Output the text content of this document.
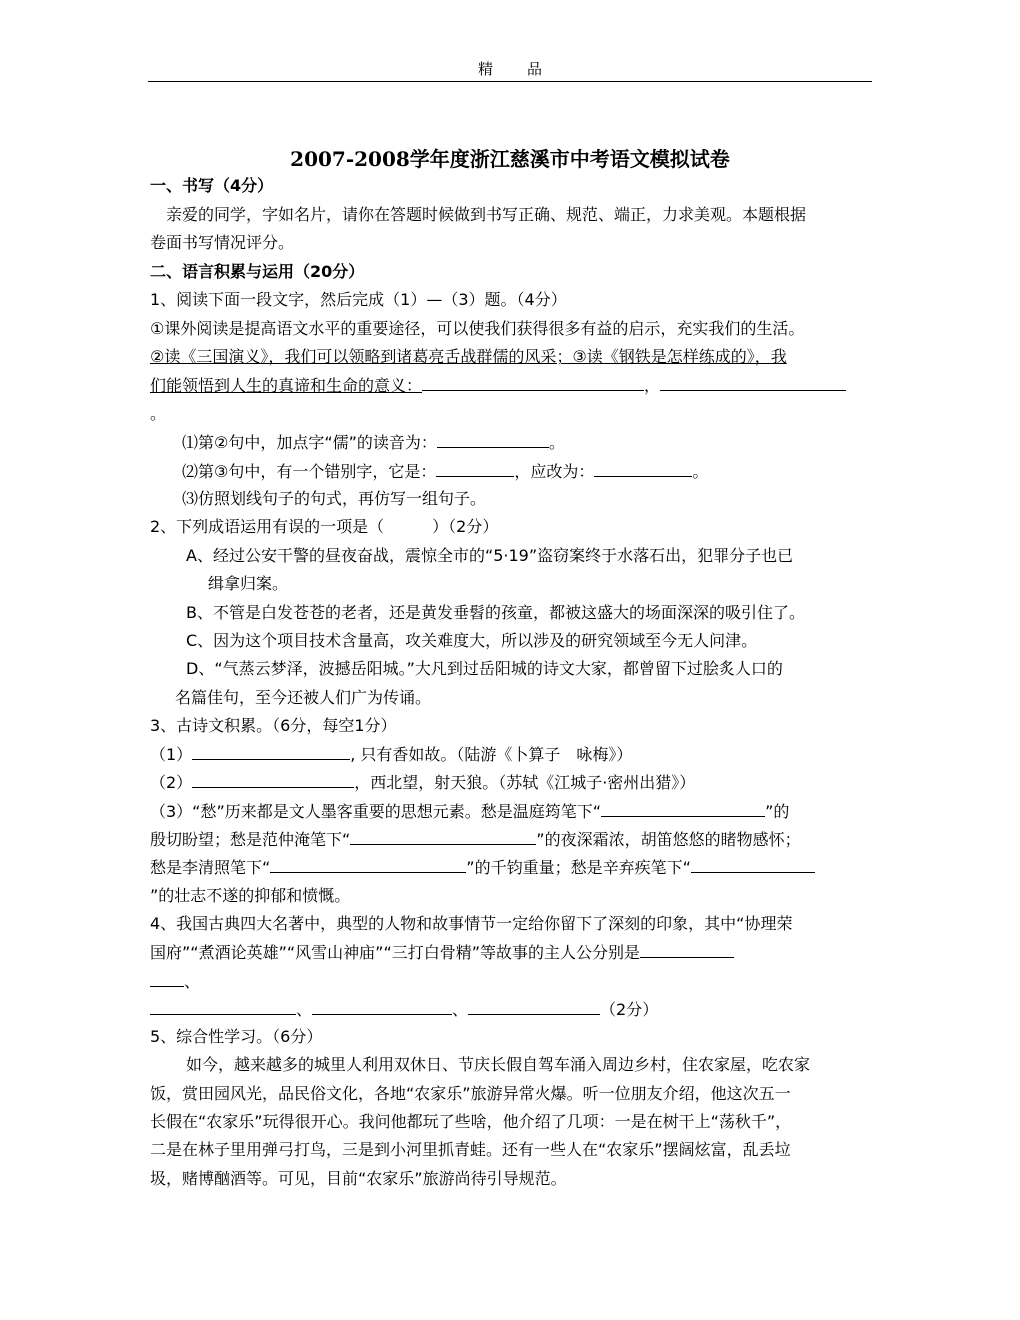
精 品
2007-2008学年度浙江慈溪市中考语文模拟试卷
一、书写（4分）
亲爱的同学，字如名片，请你在答题时候做到书写正确、规范、端正，力求美观。本题根据
卷面书写情况评分。
二、语言积累与运用（20分）
1、阅读下面一段文字，然后完成（1）—（3）题。（4分）
①课外阅读是提高语文水平的重要途径，可以使我们获得很多有益的启示，充实我们的生活。
②读《三国演义》，我们可以领略到诸葛亮舌战群儒的风采；③读《钢铁是怎样练成的》，我
们能领悟到人生的真谛和生命的意义：	，
。
⑴第②句中，加点字“儒”的读音为：	。
⑵第③句中，有一个错别字，它是：	，应改为：	。
⑶仿照划线句子的句式，再仿写一组句子。
2、下列成语运用有误的一项是（　　　）（2分）
A、经过公安干警的昼夜奋战，震惊全市的“5·19”盗窃案终于水落石出，犯罪分子也已
缉拿归案。
B、不管是白发苍苍的老者，还是黄发垂髫的孩童，都被这盛大的场面深深的吸引住了。
C、因为这个项目技术含量高，攻关难度大，所以涉及的研究领域至今无人问津。
D、“气蒸云梦泽，波撼岳阳城。”大凡到过岳阳城的诗文大家，都曾留下过脍炙人口的
名篇佳句，至今还被人们广为传诵。
3、古诗文积累。（6分，每空1分）
（1）	, 只有香如故。（陆游《卜算子　咏梅》）
（2）	，西北望，射天狼。（苏轼《江城子·密州出猎》）
（3）“愁”历来都是文人墨客重要的思想元素。愁是温庭筠笔下“	”的
殷切盼望；愁是范仲淹笔下“	”的夜深霜浓，胡笛悠悠的睹物感怀；
愁是李清照笔下“	”的千钧重量；愁是辛弃疾笔下“
”的壮志不遂的抑郁和愤慨。
4、我国古典四大名著中，典型的人物和故事情节一定给你留下了深刻的印象，其中“协理荣
国府”“煮酒论英雄”“风雪山神庙”“三打白骨精”等故事的主人公分别是
、
、	、	（2分）
5、综合性学习。（6分）
如今，越来越多的城里人利用双休日、节庆长假自驾车涌入周边乡村，住农家屋，吃农家
饭，赏田园风光，品民俗文化，各地“农家乐”旅游异常火爆。听一位朋友介绍，他这次五一
长假在“农家乐”玩得很开心。我问他都玩了些啥，他介绍了几项：一是在树干上“荡秋千”，
二是在林子里用弹弓打鸟，三是到小河里抓青蛙。还有一些人在“农家乐”摆阔炫富，乱丢垃
圾，赌博酗酒等。可见，目前“农家乐”旅游尚待引导规范。
